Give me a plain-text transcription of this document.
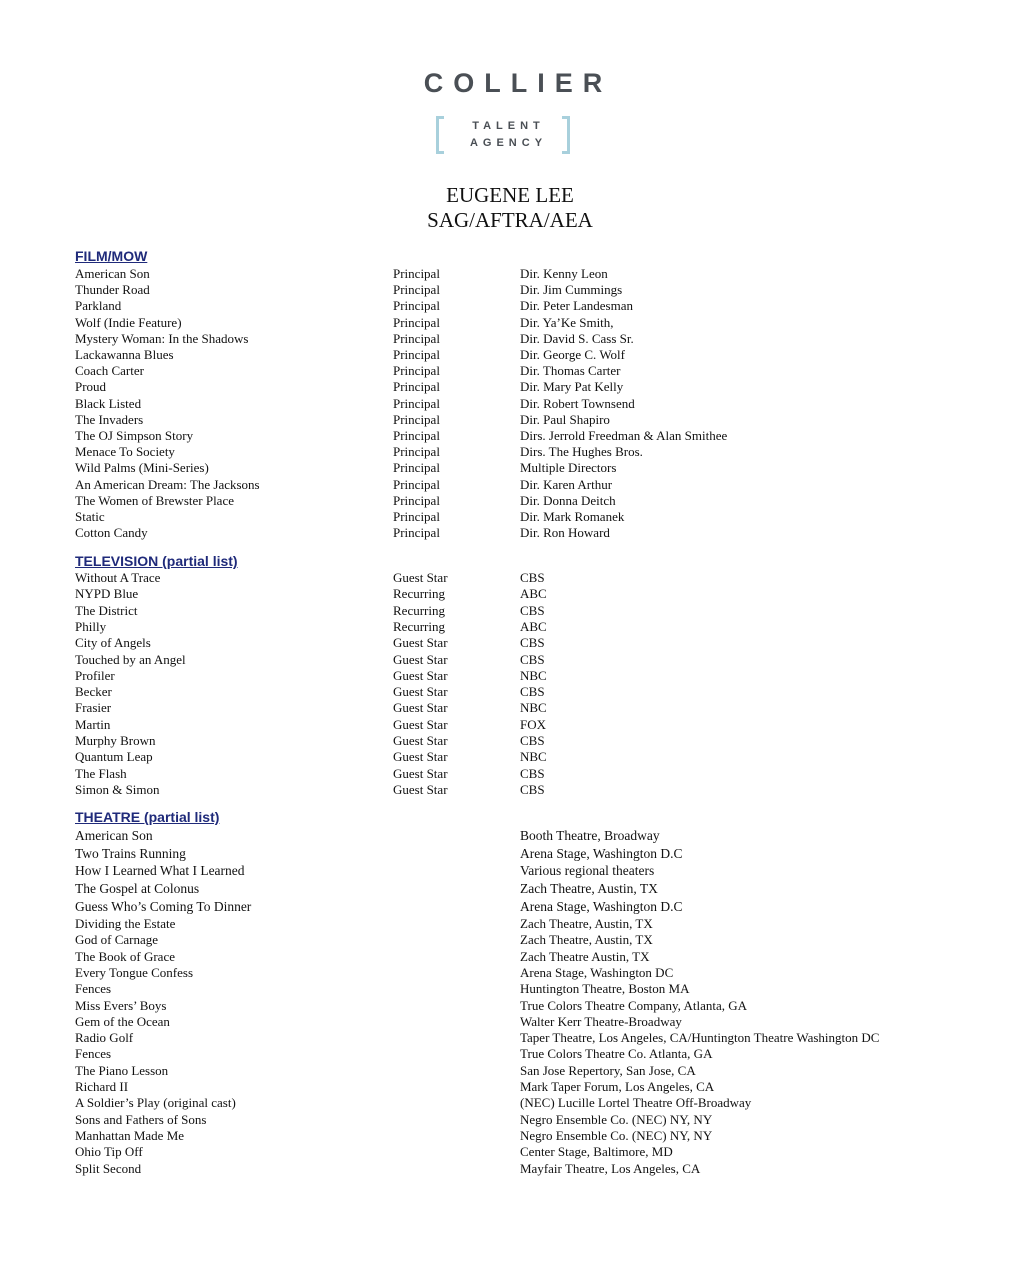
COLLIER
TALENT
AGENCY
EUGENE LEE
SAG/AFTRA/AEA
FILM/MOW
TELEVISION (partial list)
THEATRE (partial list)
American Son	Principal	Dir. Kenny Leon
Thunder Road	Principal	Dir. Jim Cummings
Parkland	Principal	Dir. Peter Landesman
Wolf (Indie Feature)	Principal	Dir. Ya’Ke Smith,
Mystery Woman: In the Shadows	Principal	Dir. David S. Cass Sr.
Lackawanna Blues	Principal	Dir. George C. Wolf
Coach Carter	Principal	Dir. Thomas Carter
Proud	Principal	Dir. Mary Pat Kelly
Black Listed	Principal	Dir. Robert Townsend
The Invaders	Principal	Dir. Paul Shapiro
The OJ Simpson Story	Principal	Dirs. Jerrold Freedman & Alan Smithee
Menace To Society	Principal	Dirs. The Hughes Bros.
Wild Palms (Mini-Series)	Principal	Multiple Directors
An American Dream: The Jacksons	Principal	Dir. Karen Arthur
The Women of Brewster Place	Principal	Dir. Donna Deitch
Static	Principal	Dir. Mark Romanek
Cotton Candy	Principal	Dir. Ron Howard
Without A Trace	Guest Star	CBS
NYPD Blue	Recurring	ABC
The District	Recurring	CBS
Philly	Recurring	ABC
City of Angels	Guest Star	CBS
Touched by an Angel	Guest Star	CBS
Profiler	Guest Star	NBC
Becker	Guest Star	CBS
Frasier	Guest Star	NBC
Martin	Guest Star	FOX
Murphy Brown	Guest Star	CBS
Quantum Leap	Guest Star	NBC
The Flash	Guest Star	CBS
Simon & Simon	Guest Star	CBS
American Son	Booth Theatre, Broadway
Two Trains Running	Arena Stage, Washington D.C
How I Learned What I Learned	Various regional theaters
The Gospel at Colonus	Zach Theatre, Austin, TX
Guess Who’s Coming To Dinner	Arena Stage, Washington D.C
Dividing the Estate	Zach Theatre, Austin, TX
God of Carnage	Zach Theatre, Austin, TX
The Book of Grace	Zach Theatre Austin, TX
Every Tongue Confess	Arena Stage, Washington DC
Fences	Huntington Theatre, Boston MA
Miss Evers’ Boys	True Colors Theatre Company, Atlanta, GA
Gem of the Ocean	Walter Kerr Theatre-Broadway
Radio Golf	Taper Theatre, Los Angeles, CA/Huntington Theatre Washington DC
Fences	True Colors Theatre Co. Atlanta, GA
The Piano Lesson	San Jose Repertory, San Jose, CA
Richard II	Mark Taper Forum, Los Angeles, CA
A Soldier’s Play (original cast)	(NEC) Lucille Lortel Theatre Off-Broadway
Sons and Fathers of Sons	Negro Ensemble Co. (NEC) NY, NY
Manhattan Made Me	Negro Ensemble Co. (NEC) NY, NY
Ohio Tip Off	Center Stage, Baltimore, MD
Split Second	Mayfair Theatre, Los Angeles, CA
